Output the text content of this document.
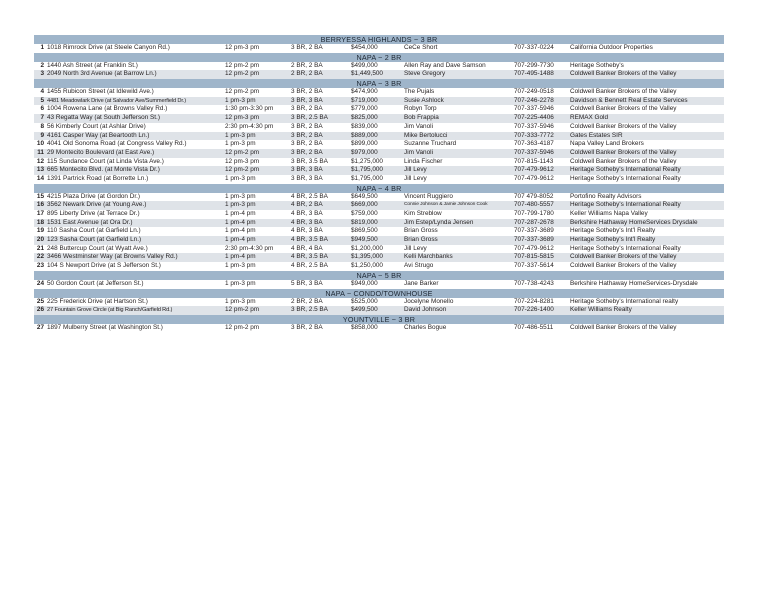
BERRYESSA HIGHLANDS ~ 3 BR
1 1018 Rimrock Drive (at Steele Canyon Rd.)	12 pm-3 pm	3 BR, 2 BA	$454,000	CeCe Short	707-337-0224	California Outdoor Properties
NAPA ~ 2 BR
2 1440 Ash Street (at Franklin St.)	12 pm-2 pm	2 BR, 2 BA	$499,000	Allen Ray and Dave Samson	707-299-7730	Heritage Sotheby's
3 2049 North 3rd Avenue (at Barrow Ln.)	12 pm-2 pm	2 BR, 2 BA	$1,449,500	Steve Gregory	707-495-1488	Coldwell Banker Brokers of the Valley
NAPA ~ 3 BR
4 1455 Rubicon Street (at Idlewild Ave.)	12 pm-2 pm	3 BR, 2 BA	$474,900	The Pujals	707-249-0518	Coldwell Banker Brokers of the Valley
5 4481 Meadowlark Drive (at Salvador Ave/Summerfield Dr.)	1 pm-3 pm	3 BR, 3 BA	$719,000	Susie Ashlock	707-246-2278	Davidson & Bennett Real Estate Services
6 1004 Rowena Lane (at Browns Valley Rd.)	1:30 pm-3:30 pm	3 BR, 2 BA	$779,000	Robyn Torp	707-337-5946	Coldwell Banker Brokers of the Valley
7 43 Regatta Way (at South Jefferson St.)	12 pm-3 pm	3 BR, 2.5 BA	$825,000	Bob Frappia	707-225-4406	REMAX Gold
8 56 Kimberly Court (at Ashlar Drive)	2:30 pm-4:30 pm	3 BR, 2 BA	$839,000	Jim Vanoli	707-337-5946	Coldwell Banker Brokers of the Valley
9 4161 Casper Way (at Beartooth Ln.)	1 pm-3 pm	3 BR, 2 BA	$889,000	Mike Bertolucci	707-333-7772	Gates Estates SIR
10 4041 Old Sonoma Road (at Congress Valley Rd.)	1 pm-3 pm	3 BR, 2 BA	$899,000	Suzanne Truchard	707-363-4187	Napa Valley Land Brokers
11 29 Montecito Boulevard (at East Ave.)	12 pm-2 pm	3 BR, 2 BA	$979,000	Jim Vanoli	707-337-5946	Coldwell Banker Brokers of the Valley
12 115 Sundance Court (at Linda Vista Ave.)	12 pm-3 pm	3 BR, 3.5 BA	$1,275,000	Linda Fischer	707-815-1143	Coldwell Banker Brokers of the Valley
13 665 Montecito Blvd. (at Monte Vista Dr.)	12 pm-2 pm	3 BR, 3 BA	$1,795,000	Jill Levy	707-479-9612	Heritage Sotheby's International Realty
14 1391 Partrick Road (at Borrette Ln.)	1 pm-3 pm	3 BR, 3 BA	$1,795,000	Jill Levy	707-479-9612	Heritage Sotheby's International Realty
NAPA ~ 4 BR
15 4215 Plaza Drive (at Gordon Dr.)	1 pm-3 pm	4 BR, 2.5 BA	$649,500	Vincent Ruggiero	707 479-8052	Portofino Realty Advisors
16 3562 Newark Drive (at Young Ave.)	1 pm-3 pm	4 BR, 2 BA	$669,000	Connie Johnson & Jamie Johnson Cook	707-480-5557	Heritage Sotheby's International Realty
17 895 Liberty Drive (at Terrace Dr.)	1 pm-4 pm	4 BR, 3 BA	$759,000	Kim Streblow	707-799-1780	Keller Williams Napa Valley
18 1531 East Avenue (at Ora Dr.)	1 pm-4 pm	4 BR, 3 BA	$819,000	Jim Estep/Lynda Jensen	707-287-2678	Berkshire Hathaway HomeServices Drysdale
19 110 Sasha Court (at Garfield Ln.)	1 pm-4 pm	4 BR, 3 BA	$869,500	Brian Gross	707-337-3689	Heritage Sotheby's Int'l Realty
20 123 Sasha Court (at Garfield Ln.)	1 pm-4 pm	4 BR, 3.5 BA	$949,500	Brian Gross	707-337-3689	Heritage Sotheby's Int'l Realty
21 248 Buttercup Court (at Wyatt Ave.)	2:30 pm-4:30 pm	4 BR, 4 BA	$1,200,000	Jill Levy	707-479-9612	Heritage Sotheby's International Realty
22 3466 Westminster Way (at Browns Valley Rd.)	1 pm-4 pm	4 BR, 3.5 BA	$1,395,000	Kelli Marchbanks	707-815-5815	Coldwell Banker Brokers of the Valley
23 104 S Newport Drive (at S Jefferson St.)	1 pm-3 pm	4 BR, 2.5 BA	$1,250,000	Avi Strugo	707-337-5614	Coldwell Banker Brokers of the Valley
NAPA ~ 5 BR
24 50 Gordon Court (at Jefferson St.)	1 pm-3 pm	5 BR, 3 BA	$949,000	Jane Barker	707-738-4243	Berkshire Hathaway HomeServices-Drysdale
NAPA ~ CONDO/TOWNHOUSE
25 225 Frederick Drive (at Hartson St.)	1 pm-3 pm	2 BR, 2 BA	$525,000	Jocelyne Monello	707-224-8281	Heritage Sotheby's International realty
26 27 Fountain Grove Circle (at Big Ranch/Garfield Rd.)	12 pm-2 pm	3 BR, 2.5 BA	$499,500	David Johnson	707-226-1400	Keller Williams Realty
YOUNTVILLE ~ 3 BR
27 1897 Mulberry Street (at Washington St.)	12 pm-2 pm	3 BR, 2 BA	$858,000	Charles Bogue	707-486-5511	Coldwell Banker Brokers of the Valley
